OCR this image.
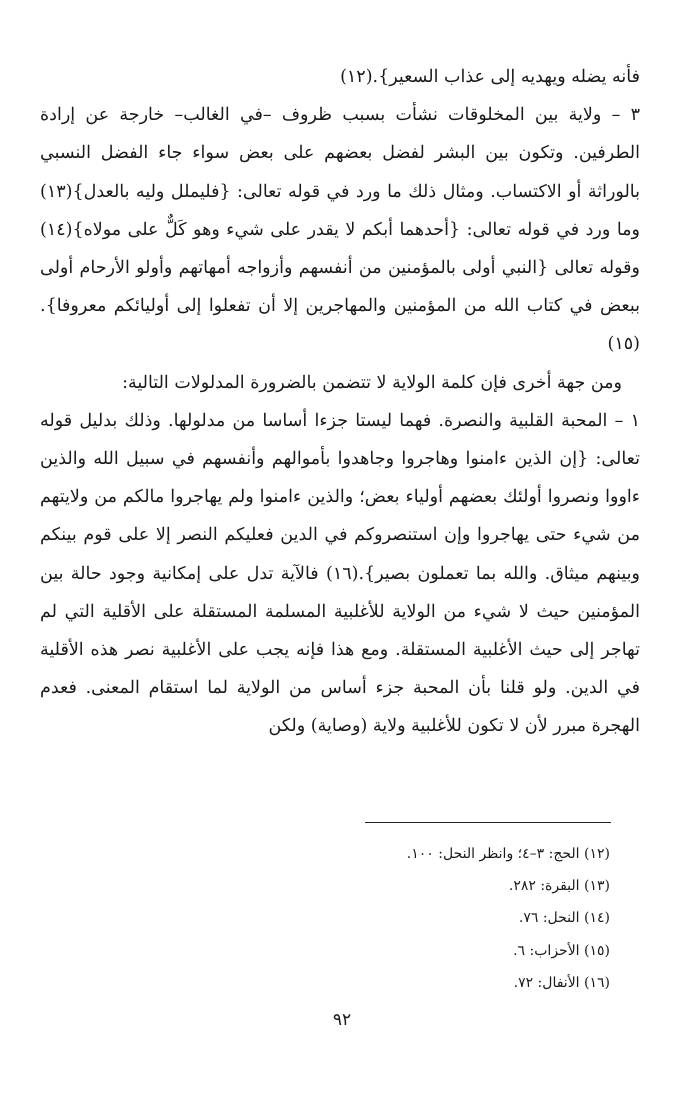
فأنه يضله ويهديه إلى عذاب السعير}.(١٢)

٣ – ولاية بين المخلوقات نشأت بسبب ظروف –في الغالب– خارجة عن إرادة الطرفين. وتكون بين البشر لفضل بعضهم على بعض سواء جاء الفضل النسبي بالوراثة أو الاكتساب. ومثال ذلك ما ورد في قوله تعالى: {فليملل وليه بالعدل}(١٣) وما ورد في قوله تعالى: {أحدهما أبكم لا يقدر على شيء وهو كَلٌّ على مولاه}(١٤) وقوله تعالى {النبي أولى بالمؤمنين من أنفسهم وأزواجه أمهاتهم وأولو الأرحام أولى ببعض في كتاب الله من المؤمنين والمهاجرين إلا أن تفعلوا إلى أوليائكم معروفا}.(١٥)

ومن جهة أخرى فإن كلمة الولاية لا تتضمن بالضرورة المدلولات التالية:

١ – المحبة القلبية والنصرة. فهما ليستا جزءا أساسا من مدلولها. وذلك بدليل قوله تعالى: {إن الذين ءامنوا وهاجروا وجاهدوا بأموالهم وأنفسهم في سبيل الله والذين ءاووا ونصروا أولئك بعضهم أولياء بعض؛ والذين ءامنوا ولم يهاجروا مالكم من ولايتهم من شيء حتى يهاجروا وإن استنصروكم في الدين فعليكم النصر إلا على قوم بينكم وبينهم ميثاق. والله بما تعملون بصير}.(١٦) فالآية تدل على إمكانية وجود حالة بين المؤمنين حيث لا شيء من الولاية للأغلبية المسلمة المستقلة على الأقلية التي لم تهاجر إلى حيث الأغلبية المستقلة. ومع هذا فإنه يجب على الأغلبية نصر هذه الأقلية في الدين. ولو قلنا بأن المحبة جزء أساس من الولاية لما استقام المعنى. فعدم الهجرة مبرر لأن لا تكون للأغلبية ولاية (وصاية) ولكن

(١٢) الحج: ٣–٤؛ وانظر النحل: ١٠٠.

(١٣) البقرة: ٢٨٢.

(١٤) النحل: ٧٦.

(١٥) الأحزاب: ٦.

(١٦) الأنفال: ٧٢.

٩٢
